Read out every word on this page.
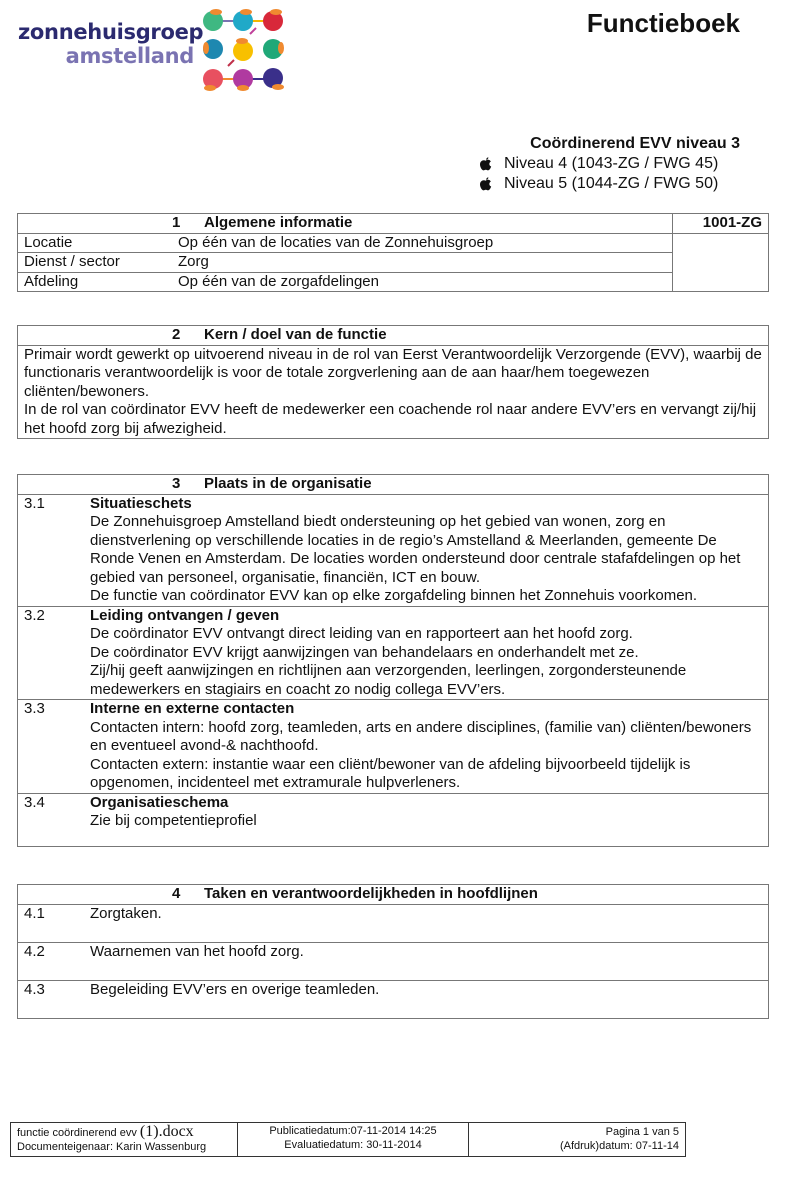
zonnehuisgroep
amstelland
Functieboek
Coördinerend EVV niveau 3
Niveau 4 (1043-ZG / FWG 45)
Niveau 5 (1044-ZG / FWG 50)
1 Algemene informatie		1001-ZG
Locatie	Op één van de locaties van de Zonnehuisgroep	
Dienst / sector	Zorg	
Afdeling	Op één van de zorgafdelingen	
2 Kern / doel van de functie

Primair wordt gewerkt op uitvoerend niveau in de rol van Eerst Verantwoordelijk Verzorgende (EVV), waarbij de functionaris verantwoordelijk is voor de totale zorgverlening aan de aan haar/hem toegewezen cliënten/bewoners.
In de rol van coördinator EVV heeft de medewerker een coachende rol naar andere EVV’ers en vervangt zij/hij het hoofd zorg bij afwezigheid.
3 Plaats in de organisatie	
3.1	Situatieschets
De Zonnehuisgroep Amstelland biedt ondersteuning op het gebied van wonen, zorg en dienstverlening op verschillende locaties in de regio’s Amstelland & Meerlanden, gemeente De Ronde Venen en Amsterdam. De locaties worden ondersteund door centrale stafafdelingen op het gebied van personeel, organisatie, financiën, ICT en bouw.
De functie van coördinator EVV kan op elke zorgafdeling binnen het Zonnehuis voorkomen.

3.2	Leiding ontvangen / geven
De coördinator EVV ontvangt direct leiding van en rapporteert aan het hoofd zorg.
De coördinator EVV krijgt aanwijzingen van behandelaars en onderhandelt met ze.
Zij/hij geeft aanwijzingen en richtlijnen aan verzorgenden, leerlingen, zorgondersteunende medewerkers en stagiairs en coacht zo nodig collega EVV’ers.

3.3	Interne en externe contacten
Contacten intern: hoofd zorg, teamleden, arts en andere disciplines, (familie van) cliënten/bewoners en eventueel avond-& nachthoofd.
Contacten extern: instantie waar een cliënt/bewoner van de afdeling bijvoorbeeld tijdelijk is opgenomen, incidenteel met extramurale hulpverleners.

3.4	Organisatieschema
Zie bij competentieprofiel
4 Taken en verantwoordelijkheden in hoofdlijnen	
4.1	Zorgtaken.
4.2	Waarnemen van het hoofd zorg.
4.3	Begeleiding EVV’ers en overige teamleden.
functie coördinerend evv (1).docx
Documenteigenaar: Karin Wassenburg
Publicatiedatum:07-11-2014 14:25
Evaluatiedatum: 30-11-2014
Pagina 1 van 5
(Afdruk)datum: 07-11-14
